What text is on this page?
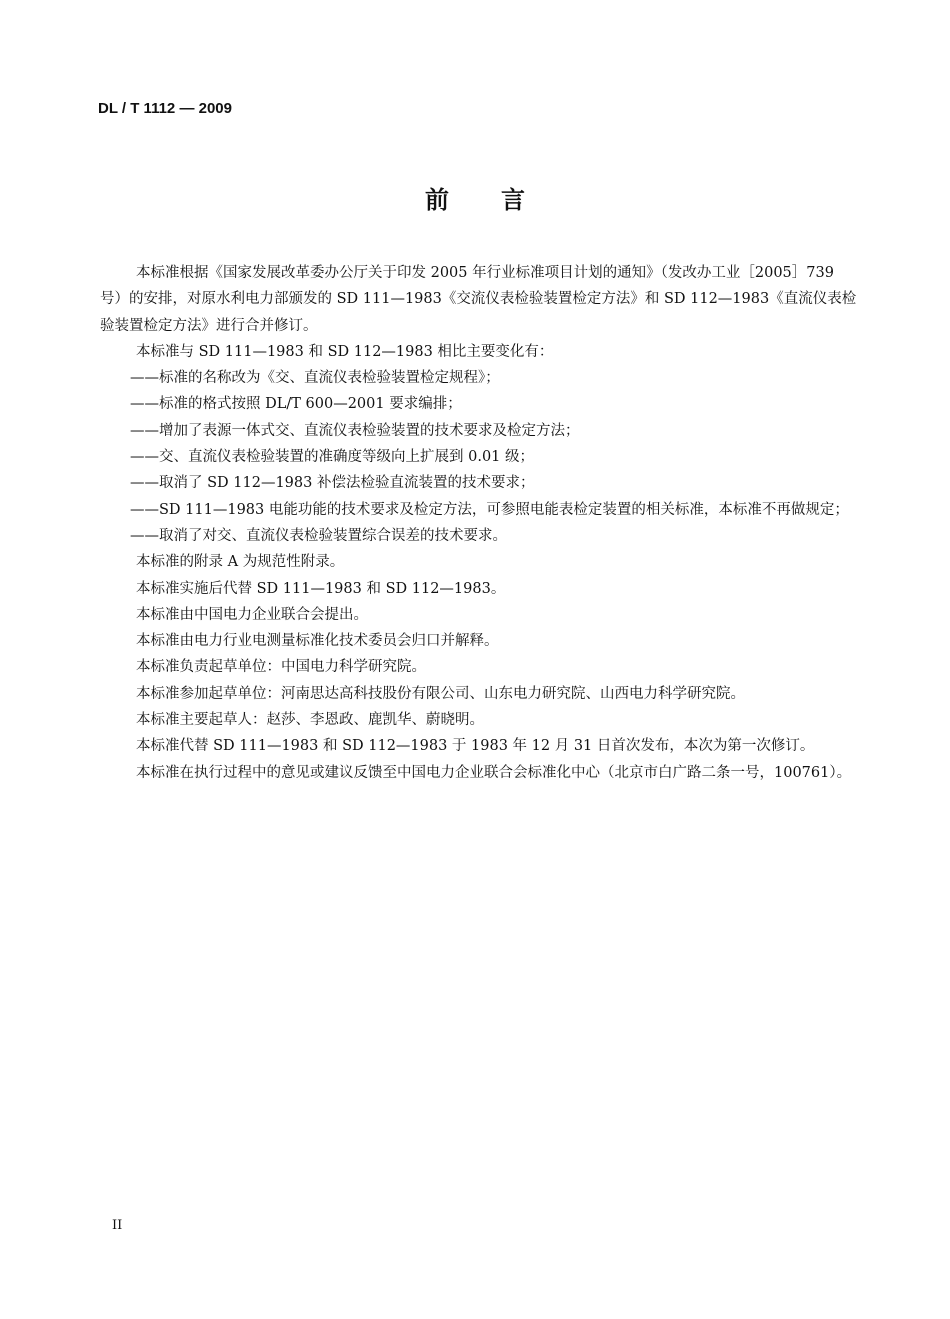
DL / T 1112 — 2009
前 言

本标准根据《国家发展改革委办公厅关于印发 2005 年行业标准项目计划的通知》（发改办工业［2005］739 号）的安排，对原水利电力部颁发的 SD 111—1983《交流仪表检验装置检定方法》和 SD 112—1983《直流仪表检验装置检定方法》进行合并修订。

本标准与 SD 111—1983 和 SD 112—1983 相比主要变化有：

——标准的名称改为《交、直流仪表检验装置检定规程》；

——标准的格式按照 DL/T 600—2001 要求编排；

——增加了表源一体式交、直流仪表检验装置的技术要求及检定方法；

——交、直流仪表检验装置的准确度等级向上扩展到 0.01 级；

——取消了 SD 112—1983 补偿法检验直流装置的技术要求；

——SD 111—1983 电能功能的技术要求及检定方法，可参照电能表检定装置的相关标准，本标准不再做规定；

——取消了对交、直流仪表检验装置综合误差的技术要求。

本标准的附录 A 为规范性附录。

本标准实施后代替 SD 111—1983 和 SD 112—1983。

本标准由中国电力企业联合会提出。

本标准由电力行业电测量标准化技术委员会归口并解释。

本标准负责起草单位：中国电力科学研究院。

本标准参加起草单位：河南思达高科技股份有限公司、山东电力研究院、山西电力科学研究院。

本标准主要起草人：赵莎、李恩政、鹿凯华、蔚晓明。

本标准代替 SD 111—1983 和 SD 112—1983 于 1983 年 12 月 31 日首次发布，本次为第一次修订。

本标准在执行过程中的意见或建议反馈至中国电力企业联合会标准化中心（北京市白广路二条一号，100761）。

II
